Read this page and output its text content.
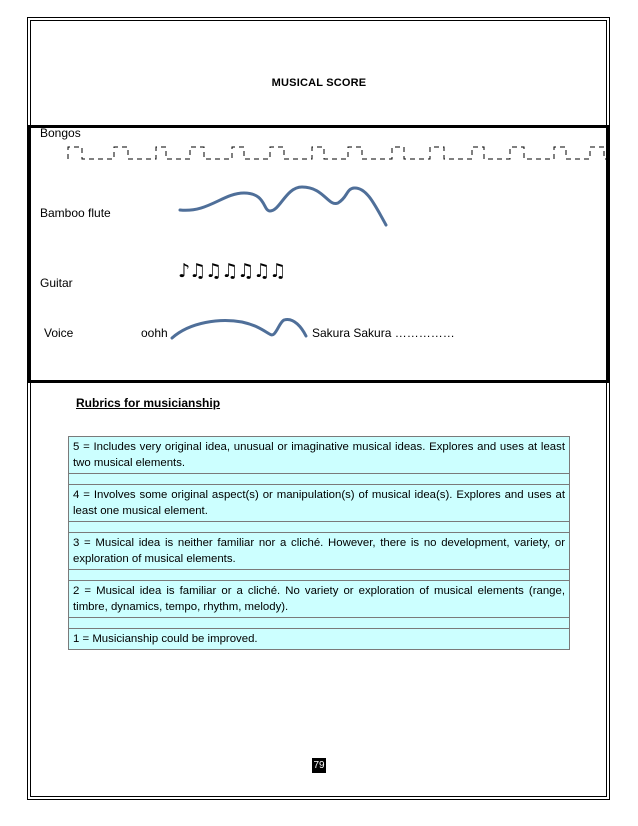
MUSICAL SCORE
Bongos
Bamboo flute
Guitar
♪♫♫♫♫♫♫
Voice	oohh	Sakura Sakura ……………
Rubrics for musicianship
5 = Includes very original idea, unusual or imaginative musical ideas. Explores and uses at least two musical elements.
4 = Involves some original aspect(s) or manipulation(s) of musical idea(s). Explores and uses at least one musical element.
3 = Musical idea is neither familiar nor a cliché. However, there is no development, variety, or exploration of musical elements.
2 = Musical idea is familiar or a cliché. No variety or exploration of musical elements (range, timbre, dynamics, tempo, rhythm, melody).
1 = Musicianship could be improved.
79
